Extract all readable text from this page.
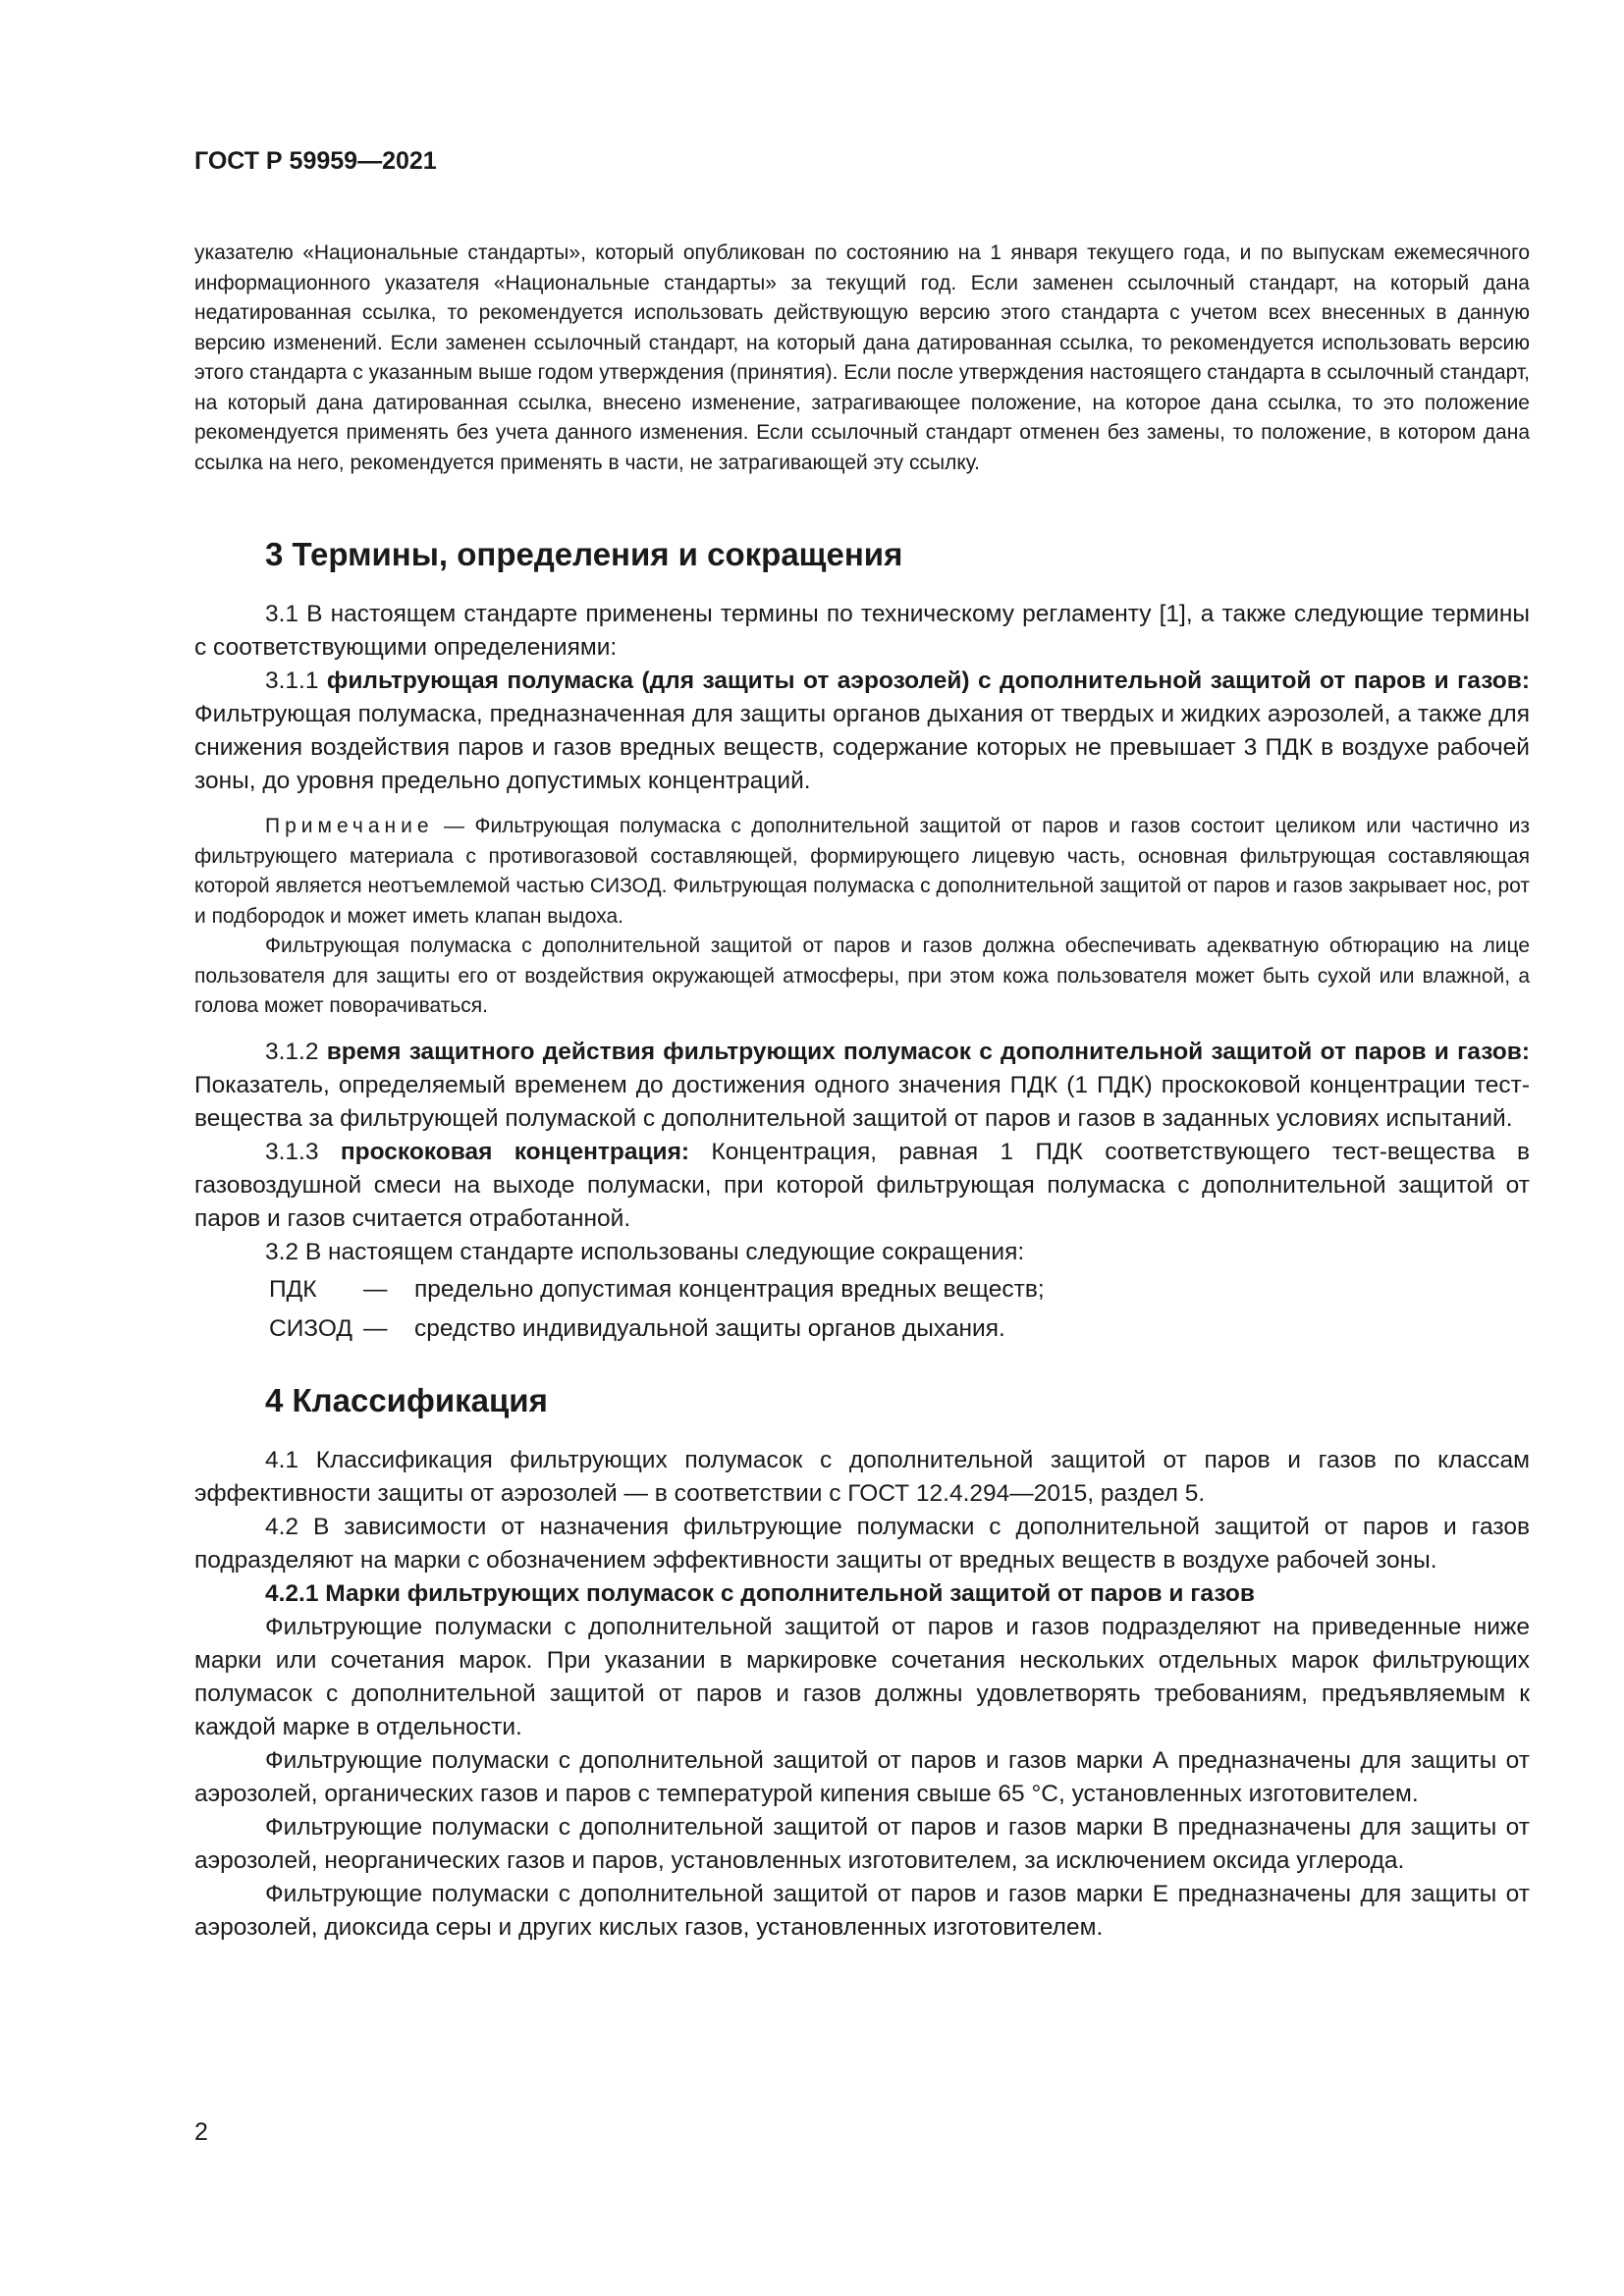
ГОСТ Р 59959—2021

указателю «Национальные стандарты», который опубликован по состоянию на 1 января текущего года, и по выпускам ежемесячного информационного указателя «Национальные стандарты» за текущий год. Если заменен ссылочный стандарт, на который дана недатированная ссылка, то рекомендуется использовать действующую версию этого стандарта с учетом всех внесенных в данную версию изменений. Если заменен ссылочный стандарт, на который дана датированная ссылка, то рекомендуется использовать версию этого стандарта с указанным выше годом утверждения (принятия). Если после утверждения настоящего стандарта в ссылочный стандарт, на который дана датированная ссылка, внесено изменение, затрагивающее положение, на которое дана ссылка, то это положение рекомендуется применять без учета данного изменения. Если ссылочный стандарт отменен без замены, то положение, в котором дана ссылка на него, рекомендуется применять в части, не затрагивающей эту ссылку.

3 Термины, определения и сокращения

3.1 В настоящем стандарте применены термины по техническому регламенту [1], а также следующие термины с соответствующими определениями:

3.1.1 фильтрующая полумаска (для защиты от аэрозолей) с дополнительной защитой от паров и газов: Фильтрующая полумаска, предназначенная для защиты органов дыхания от твердых и жидких аэрозолей, а также для снижения воздействия паров и газов вредных веществ, содержание которых не превышает 3 ПДК в воздухе рабочей зоны, до уровня предельно допустимых концентраций.

Примечание — Фильтрующая полумаска с дополнительной защитой от паров и газов состоит целиком или частично из фильтрующего материала с противогазовой составляющей, формирующего лицевую часть, основная фильтрующая составляющая которой является неотъемлемой частью СИЗОД. Фильтрующая полумаска с дополнительной защитой от паров и газов закрывает нос, рот и подбородок и может иметь клапан выдоха.

Фильтрующая полумаска с дополнительной защитой от паров и газов должна обеспечивать адекватную обтюрацию на лице пользователя для защиты его от воздействия окружающей атмосферы, при этом кожа пользователя может быть сухой или влажной, а голова может поворачиваться.

3.1.2 время защитного действия фильтрующих полумасок с дополнительной защитой от паров и газов: Показатель, определяемый временем до достижения одного значения ПДК (1 ПДК) проскоковой концентрации тест-вещества за фильтрующей полумаской с дополнительной защитой от паров и газов в заданных условиях испытаний.

3.1.3 проскоковая концентрация: Концентрация, равная 1 ПДК соответствующего тест-вещества в газовоздушной смеси на выходе полумаски, при которой фильтрующая полумаска с дополнительной защитой от паров и газов считается отработанной.

3.2 В настоящем стандарте использованы следующие сокращения:

ПДК	—	предельно допустимая концентрация вредных веществ;
СИЗОД —	средство индивидуальной защиты органов дыхания.
4 Классификация

4.1 Классификация фильтрующих полумасок с дополнительной защитой от паров и газов по классам эффективности защиты от аэрозолей — в соответствии с ГОСТ 12.4.294—2015, раздел 5.

4.2 В зависимости от назначения фильтрующие полумаски с дополнительной защитой от паров и газов подразделяют на марки с обозначением эффективности защиты от вредных веществ в воздухе рабочей зоны.

4.2.1 Марки фильтрующих полумасок с дополнительной защитой от паров и газов

Фильтрующие полумаски с дополнительной защитой от паров и газов подразделяют на приведенные ниже марки или сочетания марок. При указании в маркировке сочетания нескольких отдельных марок фильтрующих полумасок с дополнительной защитой от паров и газов должны удовлетворять требованиям, предъявляемым к каждой марке в отдельности.

Фильтрующие полумаски с дополнительной защитой от паров и газов марки А предназначены для защиты от аэрозолей, органических газов и паров с температурой кипения свыше 65 °С, установленных изготовителем.

Фильтрующие полумаски с дополнительной защитой от паров и газов марки В предназначены для защиты от аэрозолей, неорганических газов и паров, установленных изготовителем, за исключением оксида углерода.

Фильтрующие полумаски с дополнительной защитой от паров и газов марки Е предназначены для защиты от аэрозолей, диоксида серы и других кислых газов, установленных изготовителем.

2
